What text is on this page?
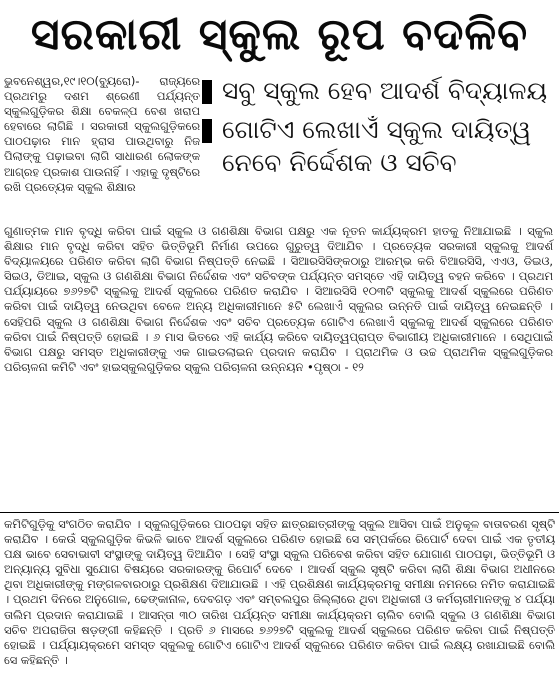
ସରକାରୀ ସ୍କୁଲ ରୂପ ବଦଳିବ

ଭୁବନେଶ୍ୱର,୧୯।୧୦(ବ୍ୟୁରୋ)- ରାଜ୍ୟରେ ପ୍ରଥମରୁ ଦଶମ ଶ୍ରେଣୀ ପର୍ଯ୍ୟନ୍ତ ସ୍କୁଲଗୁଡ଼ିକର ଶିକ୍ଷା ବେକଳ୍ପ ବେଶ ଖରାପ ହେବାରେ ଲାଗିଛି । ସରକାରୀ ସ୍କୁଲଗୁଡ଼ିକରେ ପାଠପଢ଼ାର ମାନ ହ୍ରାସ ପାଉଥିବାରୁ ନିଜ ପିଲାଙ୍କୁ ପଢ଼ାଇବା ଲାଗି ସାଧାରଣ ଲୋକଙ୍କ ଆଗ୍ରହ ପ୍ରକାଶ ପାଉନାହିଁ । ଏହାକୁ ଦୃଷ୍ଟିରେ ରଖି ପ୍ରତ୍ୟେକ ସ୍କୁଲ ଶିକ୍ଷାର

ସବୁ ସ୍କୁଲ ହେବ ଆଦର୍ଶ ବିଦ୍ୟାଳୟ
ଗୋଟିଏ ଲେଖାଏଁ ସ୍କୁଲ ଦାୟିତ୍ୱ ନେବେ ନିର୍ଦ୍ଦେଶକ ଓ ସଚିବ

ଗୁଣାତ୍ମକ ମାନ ବୃଦ୍ଧି କରିବା ପାଇଁ ସ୍କୁଲ ଓ ଗଣଶିକ୍ଷା ବିଭାଗ ପକ୍ଷରୁ ଏକ ନୂତନ କାର୍ଯ୍ୟକ୍ରମ ହାତକୁ ନିଆଯାଇଛି । ସ୍କୁଲ ଶିକ୍ଷାର ମାନ ବୃଦ୍ଧି କରିବା ସହିତ ଭିତ୍ତିଭୂମି ନିର୍ମାଣ ଉପରେ ଗୁରୁତ୍ୱ ଦିଆଯିବ । ପ୍ରତ୍ୟେକ ସରକାରୀ ସ୍କୁଲକୁ ଆଦର୍ଶ ବିଦ୍ୟାଳୟରେ ପରିଣତ କରିବା ଲାଗି ବିଭାଗ ନିଷ୍ପତ୍ତି ନେଇଛି । ସିଆରସିସିଙ୍କଠାରୁ ଆରମ୍ଭ କରି ବିଆରସିସି, ଏଏଓ, ଡିଇଓ, ସିଇଓ, ଡିଆଇ, ସ୍କୁଲ ଓ ଗଣଶିକ୍ଷା ବିଭାଗ ନିର୍ଦ୍ଦେଶକ ଏବଂ ସଚିବଙ୍କ ପର୍ଯ୍ୟନ୍ତ ସମସ୍ତେ ଏହି ଦାୟିତ୍ୱ ବହନ କରିବେ । ପ୍ରଥମ ପର୍ଯ୍ୟାୟରେ ୭୬୨୭ଟି ସ୍କୁଲକୁ ଆଦର୍ଶ ସ୍କୁଲରେ ପରିଣତ କରାଯିବ । ସିଆରସିସି ୧୦୩ଟି ସ୍କୁଲକୁ ଆଦର୍ଶ ସ୍କୁଲରେ ପରିଣତ କରିବା ପାଇଁ ଦାୟିତ୍ୱ ନେଉଥିବା ବେଳେ ଅନ୍ୟ ଅଧିକାରୀମାନେ ୫ଟି ଲେଖାଏଁ ସ୍କୁଲର ଉନ୍ନତି ପାଇଁ ଦାୟିତ୍ୱ ନେଇଛନ୍ତି । ସେହିପରି ସ୍କୁଲ ଓ ଗଣଶିକ୍ଷା ବିଭାଗ ନିର୍ଦ୍ଦେଶକ ଏବଂ ସଚିବ ପ୍ରତ୍ୟେକ ଗୋଟିଏ ଲେଖାଏଁ ସ୍କୁଲକୁ ଆଦର୍ଶ ସ୍କୁଲରେ ପରିଣତ କରିବା ପାଇଁ ନିଷ୍ପତ୍ତି ହୋଇଛି । ୬ ମାସ ଭିତରେ ଏହି କାର୍ଯ୍ୟ କରିବେ ଦାୟିତ୍ୱପ୍ରାପ୍ତ ବିଭାଗୀୟ ଅଧିକାରୀମାନେ । ସେଥିପାଇଁ ବିଭାଗ ପକ୍ଷରୁ ସମସ୍ତ ଅଧିକାରୀଙ୍କୁ ଏକ ଗାଇଡଲାଇନ ପ୍ରଦାନ କରାଯିବ । ପ୍ରାଥମିକ ଓ ଉଚ୍ଚ ପ୍ରାଥମିକ ସ୍କୁଲଗୁଡ଼ିକର ପରିଚାଳନା କମିଟି ଏବଂ ହାଇସ୍କୁଲଗୁଡ଼ିକର ସ୍କୁଲ ପରିଚାଳନା ଉନ୍ନୟନ •ପୃଷ୍ଠା - ୧୨

କମିଟିଗୁଡ଼ିକୁ ସଂଗଠିତ କରାଯିବ । ସ୍କୁଲଗୁଡ଼ିକରେ ପାଠପଢ଼ା ସହିତ ଛାତ୍ରଛାତ୍ରୀଙ୍କୁ ସ୍କୁଲ ଆସିବା ପାଇଁ ଅନୁକୂଳ ବାତାବରଣ ସୃଷ୍ଟି କରାଯିବ । କେଉଁ ସ୍କୁଲଗୁଡ଼ିକ କିଭଳି ଭାବେ ଆଦର୍ଶ ସ୍କୁଲରେ ପରିଣତ ହୋଇଛି ସେ ସମ୍ପର୍କରେ ରିପୋର୍ଟ ଦେବା ପାଇଁ ଏକ ତୃତୀୟ ପକ୍ଷ ଭାବେ ସେବାଭାବୀ ସଂସ୍ଥାଙ୍କୁ ଦାୟିତ୍ୱ ଦିଆଯିବ । ସେହି ସଂସ୍ଥା ସ୍କୁଲ ପରିବେଶ କରିବା ସହିତ ଯୋଗାଣ ପାଠପଢ଼ା, ଭିତ୍ତିଭୂମି ଓ ଅନ୍ୟାନ୍ୟ ସୁବିଧା ସୁଯୋଗ ବିଷୟରେ ସରକାରଙ୍କୁ ରିପୋର୍ଟ ଦେବେ । ଆଦର୍ଶ ସ୍କୁଲ ସୃଷ୍ଟି କରିବା ଲାଗି ଶିକ୍ଷା ବିଭାଗ ଅଧୀନରେ ଥିବା ଅଧିକାରୀଙ୍କୁ ମଙ୍ଗଳବାରଠାରୁ ପ୍ରଶିକ୍ଷଣ ଦିଆଯାଉଛି । ଏହି ପ୍ରଶିକ୍ଷଣ କାର୍ଯ୍ୟକ୍ରମକୁ ସମୀକ୍ଷା ନମନରେ ନମିତ କରାଯାଇଛି । ପ୍ରଥମ ଦିନରେ ଅନୁଗୋଳ, ଢେଙ୍କାନାଳ, ଦେବଗଡ଼ ଏବଂ ସମ୍ବଲପୁର ଜିଲ୍ଲାରେ ଥିବା ଅଧିକାରୀ ଓ କର୍ମଚାରୀମାନଙ୍କୁ ୪ ପର୍ଯ୍ୟା ତାଲିମ ପ୍ରଦାନ କରାଯାଇଛି । ଆସନ୍ତା ୩୦ ତାରିଖ ପର୍ଯ୍ୟନ୍ତ ସମୀକ୍ଷା କାର୍ଯ୍ୟକ୍ରମ ଚାଲିବ ବୋଲି ସ୍କୁଲ ଓ ଗଣଶିକ୍ଷା ବିଭାଗ ସଚିବ ଅପରାଜିତା ଷଡ଼ଙ୍ଗୀ କହିଛନ୍ତି । ପ୍ରତି ୬ ମାସରେ ୭୬୨୭ଟି ସ୍କୁଲକୁ ଆଦର୍ଶ ସ୍କୁଲରେ ପରିଣତ କରିବା ପାଇଁ ନିଷ୍ପତ୍ତି ହୋଇଛି । ପର୍ଯ୍ୟାୟକ୍ରମେ ସମସ୍ତ ସ୍କୁଲକୁ ଗୋଟିଏ ଗୋଟିଏ ଆଦର୍ଶ ସ୍କୁଲରେ ପରିଣତ କରିବା ପାଇଁ ଲକ୍ଷ୍ୟ ରଖାଯାଇଛି ବୋଲି ସେ କହିଛନ୍ତି ।
